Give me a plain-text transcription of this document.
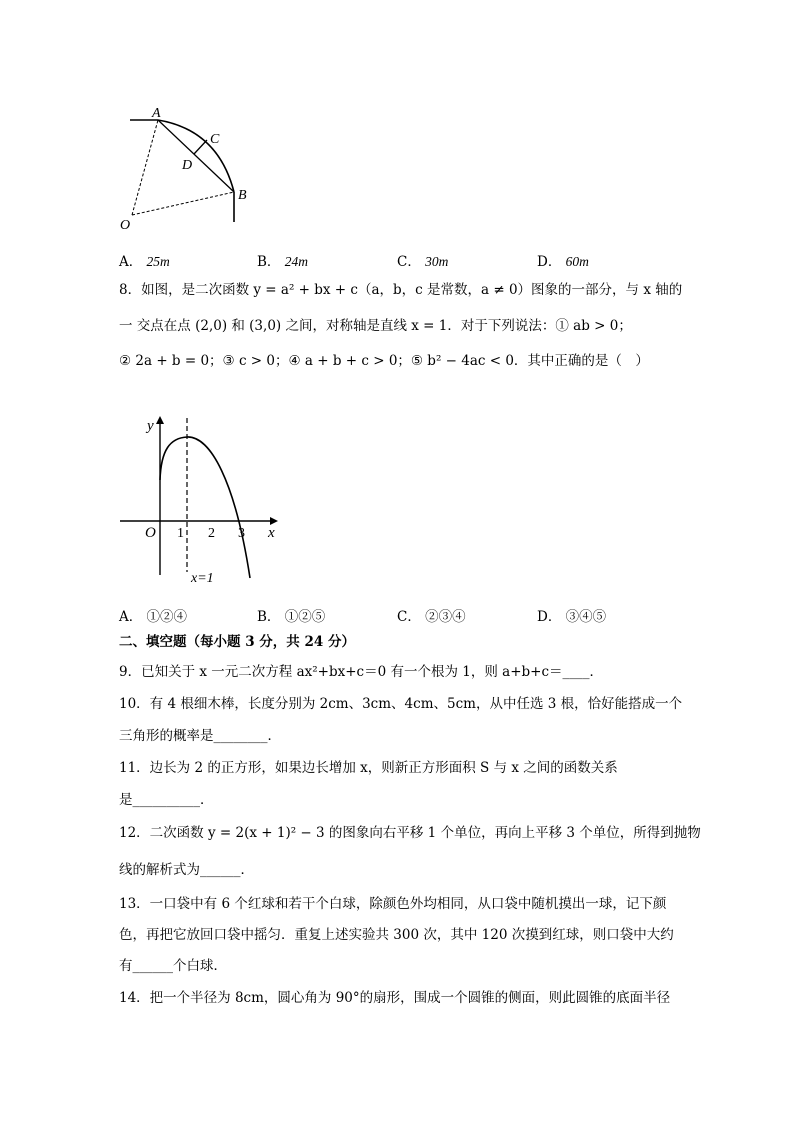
A
C
D
B
O
A． 25m	B． 24m	C． 30m	D． 60m
8．如图，是二次函数 y = a² + bx + c（a，b，c 是常数，a ≠ 0）图象的一部分，与 x 轴的
一 交点在点 (2,0) 和 (3,0) 之间，对称轴是直线 x = 1．对于下列说法：① ab > 0；
② 2a + b = 0；③ c > 0；④ a + b + c > 0；⑤ b² − 4ac < 0．其中正确的是（　）
y
O 1 2 3 x
x=1
A． ①②④	B． ①②⑤	C． ②③④	D． ③④⑤
二、填空题（每小题 3 分，共 24 分）
9．已知关于 x 一元二次方程 ax²+bx+c＝0 有一个根为 1，则 a+b+c＝____．
10．有 4 根细木棒，长度分别为 2cm、3cm、4cm、5cm，从中任选 3 根，恰好能搭成一个
三角形的概率是________．
11．边长为 2 的正方形，如果边长增加 x，则新正方形面积 S 与 x 之间的函数关系
是__________．
12．二次函数 y = 2(x + 1)² − 3 的图象向右平移 1 个单位，再向上平移 3 个单位，所得到抛物
线的解析式为______．
13．一口袋中有 6 个红球和若干个白球，除颜色外均相同，从口袋中随机摸出一球，记下颜
色，再把它放回口袋中摇匀．重复上述实验共 300 次，其中 120 次摸到红球，则口袋中大约
有______个白球．
14．把一个半径为 8cm，圆心角为 90°的扇形，围成一个圆锥的侧面，则此圆锥的底面半径
